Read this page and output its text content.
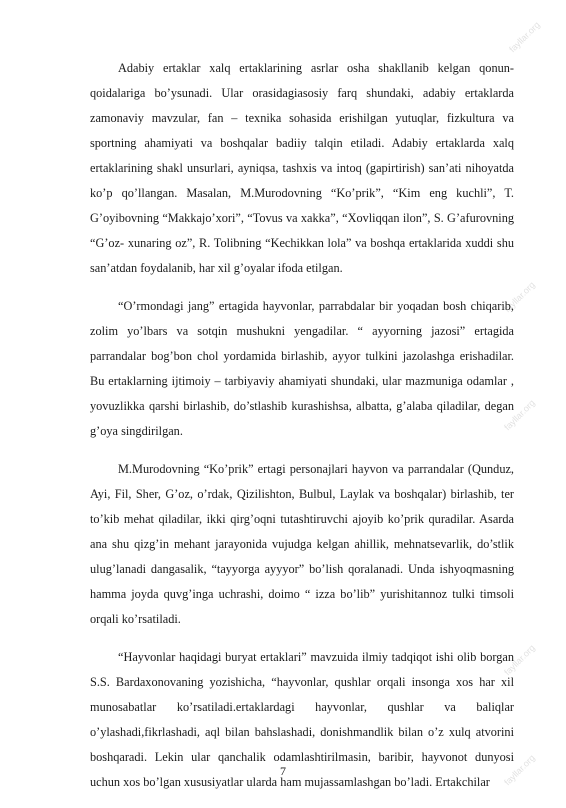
fayllar.org
fayllar.org
fayllar.org
fayllar.org
fayllar.org

Adabiy ertaklar xalq ertaklarining asrlar osha shakllanib kelgan qonun-qoidalariga bo’ysunadi. Ular orasidagiasosiy farq shundaki, adabiy ertaklarda zamonaviy mavzular, fan – texnika sohasida erishilgan yutuqlar, fizkultura va sportning ahamiyati va boshqalar badiiy talqin etiladi. Adabiy ertaklarda xalq ertaklarining shakl unsurlari, ayniqsa, tashxis va intoq (gapirtirish) san’ati nihoyatda ko’p qo’llangan. Masalan, M.Murodovning “Ko’prik”, “Kim eng kuchli”, T. G’oyibovning “Makkajo’xori”, “Tovus va xakka”, “Xovliqqan ilon”, S. G’afurovning “G’oz- xunaring oz”, R. Tolibning “Kechikkan lola” va boshqa ertaklarida xuddi shu san’atdan foydalanib, har xil g’oyalar ifoda etilgan.

“O’rmondagi jang” ertagida hayvonlar, parrabdalar bir yoqadan bosh chiqarib, zolim yo’lbars va sotqin mushukni yengadilar. “ ayyorning jazosi” ertagida parrandalar bog’bon chol yordamida birlashib, ayyor tulkini jazolashga erishadilar. Bu ertaklarning ijtimoiy – tarbiyaviy ahamiyati shundaki, ular mazmuniga odamlar , yovuzlikka qarshi birlashib, do’stlashib kurashishsa, albatta, g’alaba qiladilar, degan g’oya singdirilgan.

M.Murodovning “Ko’prik” ertagi personajlari hayvon va parrandalar (Qunduz, Ayi, Fil, Sher, G’oz, o’rdak, Qizilishton, Bulbul, Laylak va boshqalar) birlashib, ter to’kib mehat qiladilar, ikki qirg’oqni tutashtiruvchi ajoyib ko’prik quradilar. Asarda ana shu qizg’in mehant jarayonida vujudga kelgan ahillik, mehnatsevarlik, do’stlik ulug’lanadi dangasalik, “tayyorga ayyyor” bo’lish qoralanadi. Unda ishyoqmasning hamma joyda quvg’inga uchrashi, doimo “ izza bo’lib” yurishitannoz tulki timsoli orqali ko’rsatiladi.

“Hayvonlar haqidagi buryat ertaklari” mavzuida ilmiy tadqiqot ishi olib borgan S.S. Bardaxonovaning yozishicha, “hayvonlar, qushlar orqali insonga xos har xil munosabatlar ko’rsatiladi.ertaklardagi hayvonlar, qushlar va baliqlar o’ylashadi,fikrlashadi, aql bilan bahslashadi, donishmandlik bilan o’z xulq atvorini boshqaradi. Lekin ular qanchalik odamlashtirilmasin, baribir, hayvonot dunyosi uchun xos bo’lgan xususiyatlar ularda ham mujassamlashgan bo’ladi. Ertakchilar

7
